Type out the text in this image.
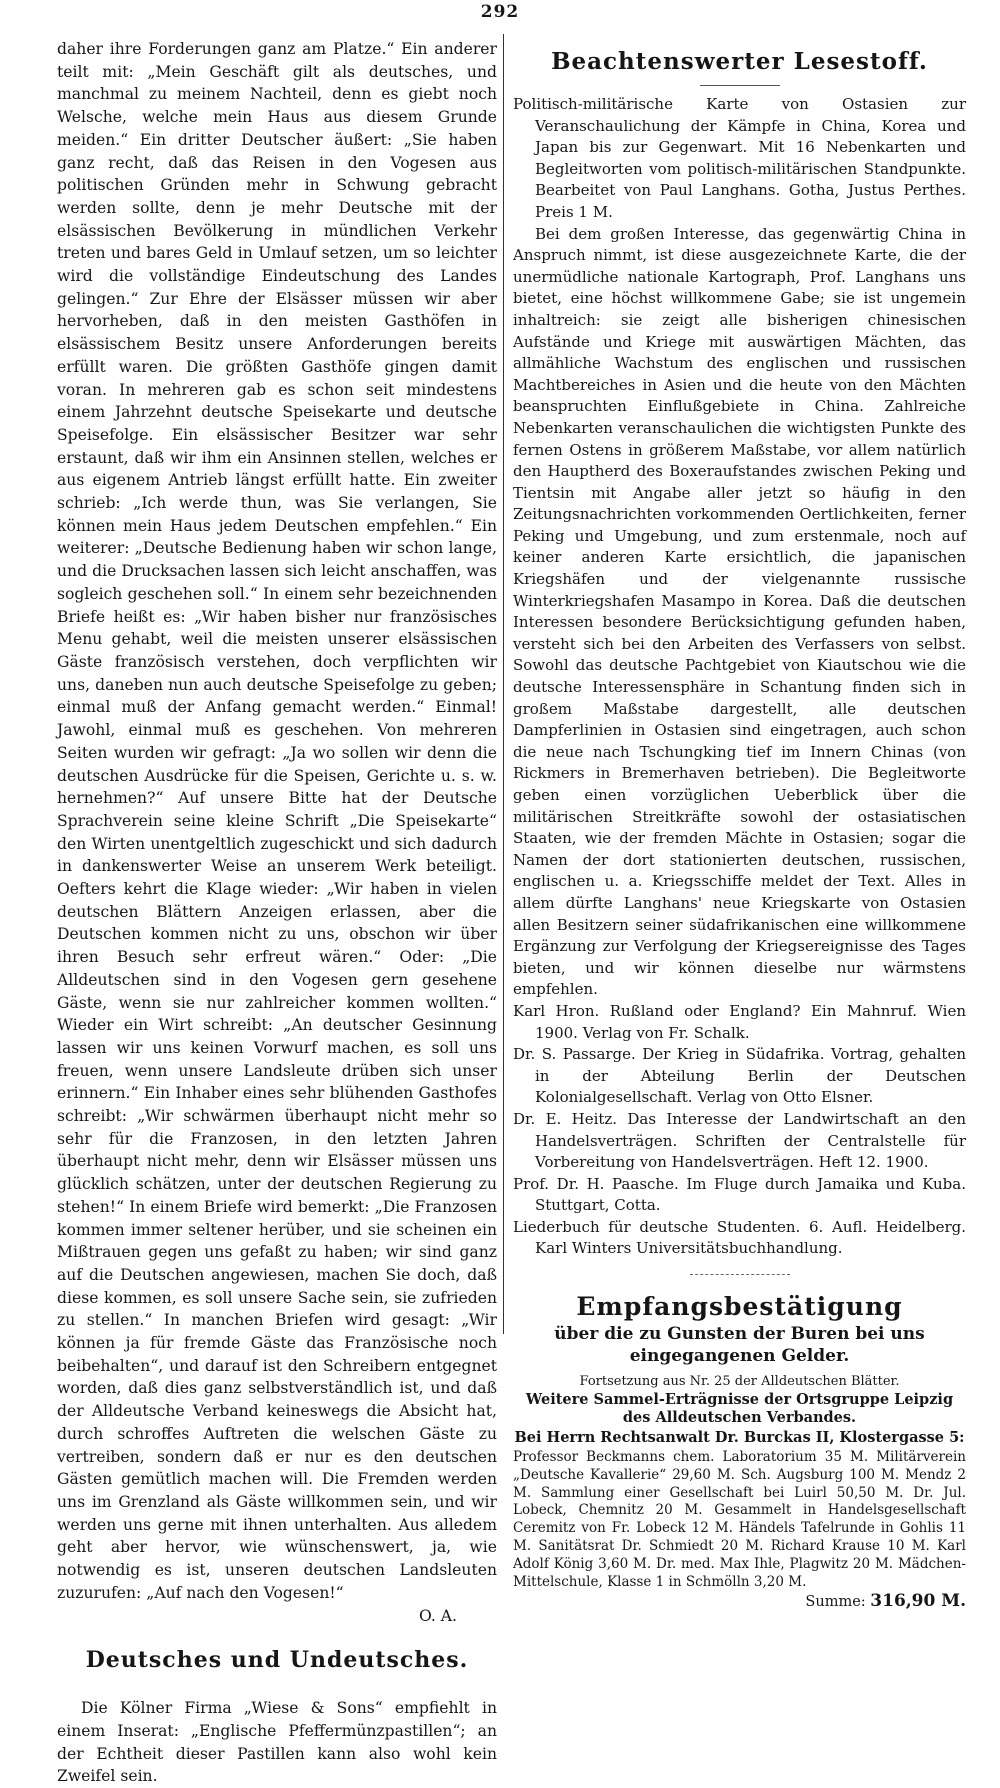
292

daher ihre Forderungen ganz am Platze.“ Ein anderer teilt mit: „Mein Geschäft gilt als deutsches, und manchmal zu meinem Nachteil, denn es giebt noch Welsche, welche mein Haus aus diesem Grunde meiden.“ Ein dritter Deutscher äußert: „Sie haben ganz recht, daß das Reisen in den Vogesen aus politischen Gründen mehr in Schwung gebracht werden sollte, denn je mehr Deutsche mit der elsässischen Bevölkerung in mündlichen Verkehr treten und bares Geld in Umlauf setzen, um so leichter wird die vollständige Eindeutschung des Landes gelingen.“ Zur Ehre der Elsässer müssen wir aber hervorheben, daß in den meisten Gasthöfen in elsässischem Besitz unsere Anforderungen bereits erfüllt waren. Die größten Gasthöfe gingen damit voran. In mehreren gab es schon seit mindestens einem Jahrzehnt deutsche Speisekarte und deutsche Speisefolge. Ein elsässischer Besitzer war sehr erstaunt, daß wir ihm ein Ansinnen stellen, welches er aus eigenem Antrieb längst erfüllt hatte. Ein zweiter schrieb: „Ich werde thun, was Sie verlangen, Sie können mein Haus jedem Deutschen empfehlen.“ Ein weiterer: „Deutsche Bedienung haben wir schon lange, und die Drucksachen lassen sich leicht anschaffen, was sogleich geschehen soll.“ In einem sehr bezeichnenden Briefe heißt es: „Wir haben bisher nur französisches Menu gehabt, weil die meisten unserer elsässischen Gäste französisch verstehen, doch verpflichten wir uns, daneben nun auch deutsche Speisefolge zu geben; einmal muß der Anfang gemacht werden.“ Einmal! Jawohl, einmal muß es geschehen. Von mehreren Seiten wurden wir gefragt: „Ja wo sollen wir denn die deutschen Ausdrücke für die Speisen, Gerichte u. s. w. hernehmen?“ Auf unsere Bitte hat der Deutsche Sprachverein seine kleine Schrift „Die Speisekarte“ den Wirten unentgeltlich zugeschickt und sich dadurch in dankenswerter Weise an unserem Werk beteiligt. Oefters kehrt die Klage wieder: „Wir haben in vielen deutschen Blättern Anzeigen erlassen, aber die Deutschen kommen nicht zu uns, obschon wir über ihren Besuch sehr erfreut wären.“ Oder: „Die Alldeutschen sind in den Vogesen gern gesehene Gäste, wenn sie nur zahlreicher kommen wollten.“ Wieder ein Wirt schreibt: „An deutscher Gesinnung lassen wir uns keinen Vorwurf machen, es soll uns freuen, wenn unsere Landsleute drüben sich unser erinnern.“ Ein Inhaber eines sehr blühenden Gasthofes schreibt: „Wir schwärmen überhaupt nicht mehr so sehr für die Franzosen, in den letzten Jahren überhaupt nicht mehr, denn wir Elsässer müssen uns glücklich schätzen, unter der deutschen Regierung zu stehen!“ In einem Briefe wird bemerkt: „Die Franzosen kommen immer seltener herüber, und sie scheinen ein Mißtrauen gegen uns gefaßt zu haben; wir sind ganz auf die Deutschen angewiesen, machen Sie doch, daß diese kommen, es soll unsere Sache sein, sie zufrieden zu stellen.“ In manchen Briefen wird gesagt: „Wir können ja für fremde Gäste das Französische noch beibehalten“, und darauf ist den Schreibern entgegnet worden, daß dies ganz selbstverständlich ist, und daß der Alldeutsche Verband keineswegs die Absicht hat, durch schroffes Auftreten die welschen Gäste zu vertreiben, sondern daß er nur es den deutschen Gästen gemütlich machen will. Die Fremden werden uns im Grenzland als Gäste willkommen sein, und wir werden uns gerne mit ihnen unterhalten. Aus alledem geht aber hervor, wie wünschenswert, ja, wie notwendig es ist, unseren deutschen Landsleuten zuzurufen: „Auf nach den Vogesen!“

O. A.

Deutsches und Undeutsches.

Die Kölner Firma „Wiese & Sons“ empfiehlt in einem Inserat: „Englische Pfeffermünzpastillen“; an der Echtheit dieser Pastillen kann also wohl kein Zweifel sein.

Beachtenswerter Lesestoff.

Politisch-militärische Karte von Ostasien zur Veranschaulichung der Kämpfe in China, Korea und Japan bis zur Gegenwart. Mit 16 Nebenkarten und Begleitworten vom politisch-militärischen Standpunkte. Bearbeitet von Paul Langhans. Gotha, Justus Perthes. Preis 1 M.

Bei dem großen Interesse, das gegenwärtig China in Anspruch nimmt, ist diese ausgezeichnete Karte, die der unermüdliche nationale Kartograph, Prof. Langhans uns bietet, eine höchst willkommene Gabe; sie ist ungemein inhaltreich: sie zeigt alle bisherigen chinesischen Aufstände und Kriege mit auswärtigen Mächten, das allmähliche Wachstum des englischen und russischen Machtbereiches in Asien und die heute von den Mächten beanspruchten Einflußgebiete in China. Zahlreiche Nebenkarten veranschaulichen die wichtigsten Punkte des fernen Ostens in größerem Maßstabe, vor allem natürlich den Hauptherd des Boxeraufstandes zwischen Peking und Tientsin mit Angabe aller jetzt so häufig in den Zeitungsnachrichten vorkommenden Oertlichkeiten, ferner Peking und Umgebung, und zum erstenmale, noch auf keiner anderen Karte ersichtlich, die japanischen Kriegshäfen und der vielgenannte russische Winterkriegshafen Masampo in Korea. Daß die deutschen Interessen besondere Berücksichtigung gefunden haben, versteht sich bei den Arbeiten des Verfassers von selbst. Sowohl das deutsche Pachtgebiet von Kiautschou wie die deutsche Interessensphäre in Schantung finden sich in großem Maßstabe dargestellt, alle deutschen Dampferlinien in Ostasien sind eingetragen, auch schon die neue nach Tschungking tief im Innern Chinas (von Rickmers in Bremerhaven betrieben). Die Begleitworte geben einen vorzüglichen Ueberblick über die militärischen Streitkräfte sowohl der ostasiatischen Staaten, wie der fremden Mächte in Ostasien; sogar die Namen der dort stationierten deutschen, russischen, englischen u. a. Kriegsschiffe meldet der Text. Alles in allem dürfte Langhans' neue Kriegskarte von Ostasien allen Besitzern seiner südafrikanischen eine willkommene Ergänzung zur Verfolgung der Kriegsereignisse des Tages bieten, und wir können dieselbe nur wärmstens empfehlen.

Karl Hron. Rußland oder England? Ein Mahnruf. Wien 1900. Verlag von Fr. Schalk.

Dr. S. Passarge. Der Krieg in Südafrika. Vortrag, gehalten in der Abteilung Berlin der Deutschen Kolonialgesellschaft. Verlag von Otto Elsner.

Dr. E. Heitz. Das Interesse der Landwirtschaft an den Handelsverträgen. Schriften der Centralstelle für Vorbereitung von Handelsverträgen. Heft 12. 1900.

Prof. Dr. H. Paasche. Im Fluge durch Jamaika und Kuba. Stuttgart, Cotta.

Liederbuch für deutsche Studenten. 6. Aufl. Heidelberg. Karl Winters Universitätsbuchhandlung.

Empfangsbestätigung
über die zu Gunsten der Buren bei uns
eingegangenen Gelder.
Fortsetzung aus Nr. 25 der Alldeutschen Blätter.
Weitere Sammel-Erträgnisse der Ortsgruppe Leipzig des Alldeutschen Verbandes.
Bei Herrn Rechtsanwalt Dr. Burckas II, Klostergasse 5:

Professor Beckmanns chem. Laboratorium 35 M. Militärverein „Deutsche Kavallerie“ 29,60 M. Sch. Augsburg 100 M. Mendz 2 M. Sammlung einer Gesellschaft bei Luirl 50,50 M. Dr. Jul. Lobeck, Chemnitz 20 M. Gesammelt in Handelsgesellschaft Ceremitz von Fr. Lobeck 12 M. Händels Tafelrunde in Gohlis 11 M. Sanitätsrat Dr. Schmiedt 20 M. Richard Krause 10 M. Karl Adolf König 3,60 M. Dr. med. Max Ihle, Plagwitz 20 M. Mädchen-Mittelschule, Klasse 1 in Schmölln 3,20 M.

Summe: 316,90 M.
